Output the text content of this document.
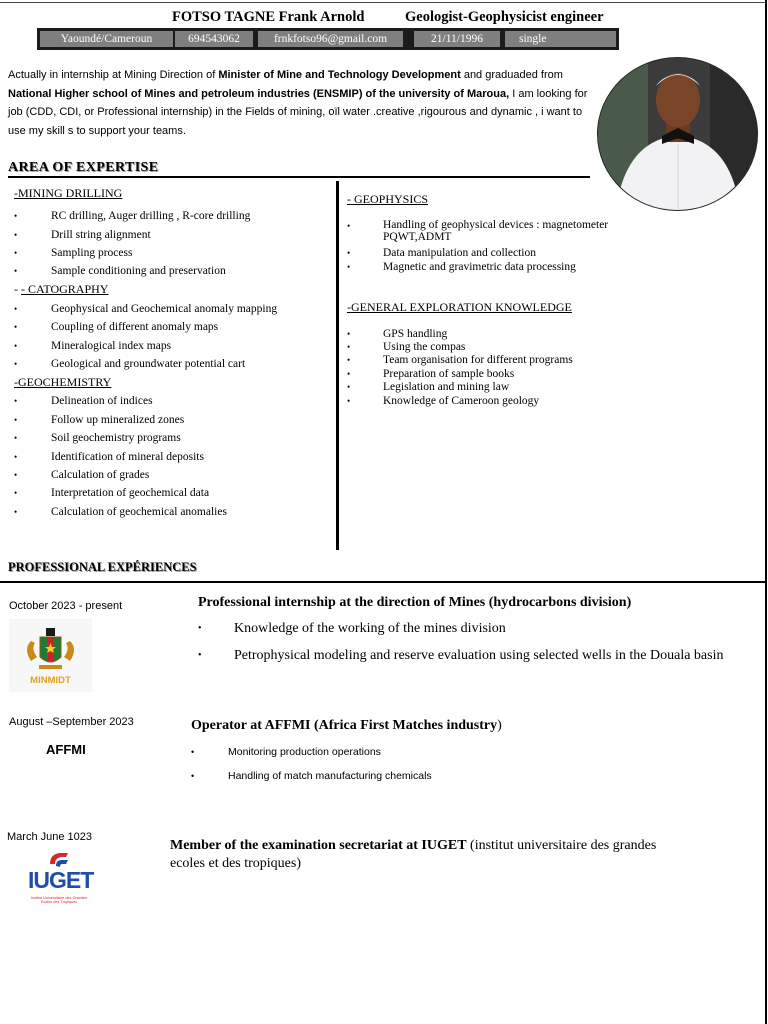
FOTSO TAGNE Frank Arnold	Geologist-Geophysicist engineer
Yaoundé/Cameroun	694543062	frnkfotso96@gmail.com	21/11/1996	single
Actually in internship at Mining Direction of Minister of Mine and Technology Development and graduaded from National Higher school of Mines and petroleum industries (ENSMIP) of the university of Maroua, I am looking for job (CDD, CDI, or Professional internship) in the Fields of mining, oïl water .creative ,rigourous and dynamic , i want to use my skill s to support your teams.
AREA OF EXPERTISE
-MINING DRILLING
•	RC drilling, Auger drilling , R-core drilling
•	Drill string alignment
•	Sampling process
•	Sample conditioning and preservation
- - CATOGRAPHY
•	Geophysical and Geochemical anomaly mapping
•	Coupling of different anomaly maps
•	Mineralogical index maps
•	Geological and groundwater potential cart
-GEOCHEMISTRY
•	Delineation of indices
•	Follow up mineralized zones
•	Soil geochemistry programs
•	Identification of mineral deposits
•	Calculation of grades
•	Interpretation of geochemical data
•	Calculation of geochemical anomalies
- GEOPHYSICS
•	Handling of geophysical devices : magnetometer PQWT,ADMT
•	Data manipulation and collection
•	Magnetic and gravimetric data processing
-GENERAL EXPLORATION KNOWLEDGE
•	GPS handling
•	Using the compas
•	Team organisation for different programs
•	Preparation of sample books
•	Legislation and mining law
•	Knowledge of Cameroon geology
PROFESSIONAL EXPÉRIENCES
October 2023 - present
MINMIDT
Professional internship at the direction of Mines (hydrocarbons division)
• Knowledge of the working of the mines division
• Petrophysical modeling and reserve evaluation using selected wells in the Douala basin
August –September 2023
AFFMI
Operator at AFFMI (Africa First Matches industry)
•	Monitoring production operations
•	Handling of match manufacturing chemicals
March June 1023
IUGET
Institut Universitaire des Grandes Ecoles des Tropiques
Member of the examination secretariat at IUGET (institut universitaire des grandes ecoles et des tropiques)
